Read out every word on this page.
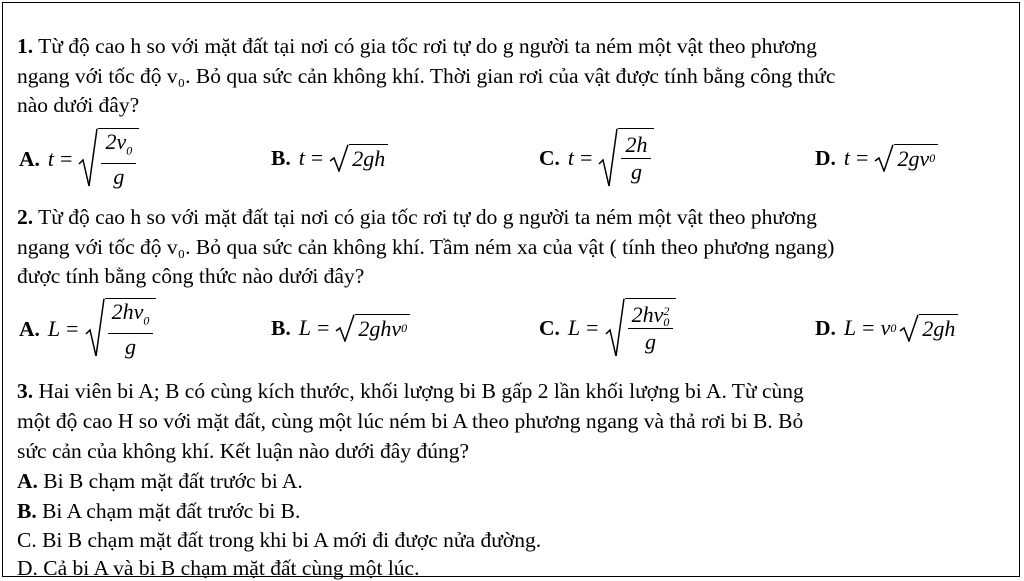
1. Từ độ cao h so với mặt đất tại nơi có gia tốc rơi tự do g người ta ném một vật theo phương
ngang với tốc độ v₀. Bỏ qua sức cản không khí. Thời gian rơi của vật được tính bằng công thức
nào dưới đây?
A. $t = \frac{2v_0}{g}$	B. t = 2gh	C. $t = \frac{2h}{g}$	D. t = 2gv 0
2. Từ độ cao h so với mặt đất tại nơi có gia tốc rơi tự do g người ta ném một vật theo phương
ngang với tốc độ v₀. Bỏ qua sức cản không khí. Tầm ném xa của vật ( tính theo phương ngang)
được tính bằng công thức nào dưới đây?
A. $L = \frac{2hv_0}{g}$	B. L = 2ghv 0	C. L = 2hv 2
0
g	D. L = v 0 2gh
3. Hai viên bi A; B có cùng kích thước, khối lượng bi B gấp 2 lần khối lượng bi A. Từ cùng
một độ cao H so với mặt đất, cùng một lúc ném bi A theo phương ngang và thả rơi bi B. Bỏ
sức cản của không khí. Kết luận nào dưới đây đúng?
A. Bi B chạm mặt đất trước bi A.
B. Bi A chạm mặt đất trước bi B.
C. Bi B chạm mặt đất trong khi bi A mới đi được nửa đường.
D. Cả bi A và bi B chạm mặt đất cùng một lúc.
